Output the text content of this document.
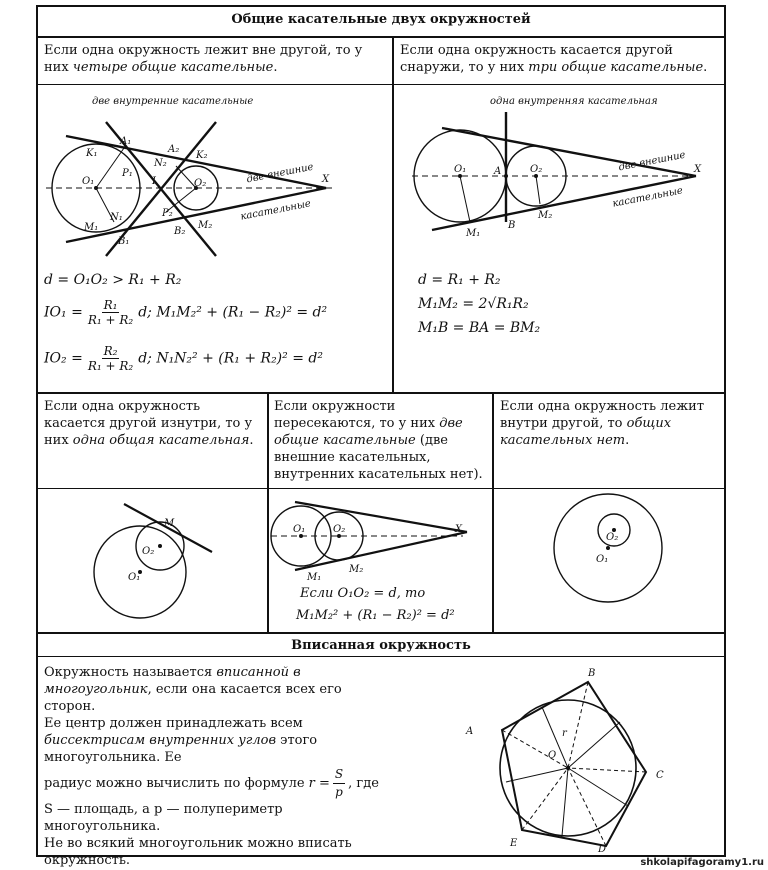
Общие касательные двух окружностей
Вписанная окружность
Если одна окружность лежит вне другой, то у них четыре общие касательные.
Если одна окружность касается другой снаружи, то у них три общие касательные.
две внутренние касательные
A₁
K₁
P₁
O₁
N₁
M₁
B₁
A₂
K₂
N₂
I	O₂
P₂
B₂
M₂
X
две внешние
касательные
d = O₁O₂ > R₁ + R₂
$IO_1 = \frac{\text{R₁}}{\text{R₁ + R₂}} d$; M₁M₂² + (R₁ − R₂)² = d²
$IO_2 = \frac{\text{R₂}}{\text{R₁ + R₂}} d$; N₁N₂² + (R₁ + R₂)² = d²
одна внутренняя касательная
O₁	O₂
A
B
M₁
M₂
X
две внешние
касательные
d = R₁ + R₂
M₁M₂ = 2√R₁R₂
M₁B = BA = BM₂
Если одна окружность касается другой изнутри, то у них одна общая касательная.
M
O₂
O₁
Если окружности пересекаются, то у них две общие касательные (две внешние касательных, внутренних касательных нет).
O₁	O₂	X
M₁
M₂
Если O₁O₂ = d, то
M₁M₂² + (R₁ − R₂)² = d²
Если одна окружность лежит внутри другой, то общих касательных нет.
O₂
O₁
Окружность называется вписанной в многоугольник, если она касается всех его сторон.
Ее центр должен принадлежать всем биссектрисам внутренних углов этого многоугольника. Ее
радиус можно вычислить по формуле $r = \frac{S}{p}$ , где
S — площадь, а p — полупериметр многоугольника.
Не во всякий многоугольник можно вписать окружность.
A
B
C
D
E
O
r
shkolapifagoramy1.ru
